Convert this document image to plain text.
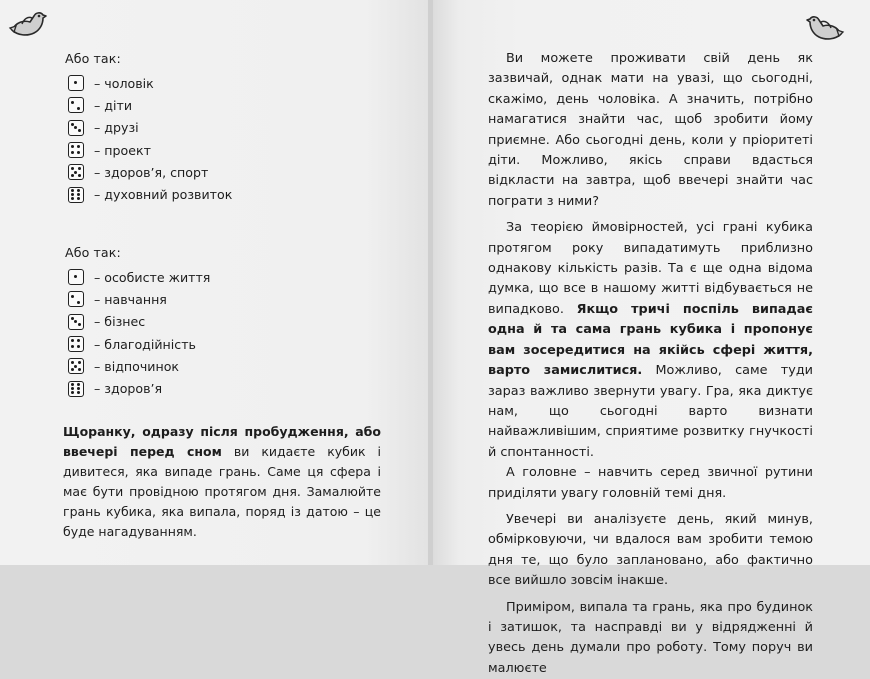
Або так:
– чоловік
– діти
– друзі
– проект
– здоров’я, спорт
– духовний розвиток
Або так:
– особисте життя
– навчання
– бізнес
– благодійність
– відпочинок
– здоров’я

Щоранку, одразу після пробудження, або ввечері перед сном ви кидаєте кубик і дивитеся, яка випаде грань. Саме ця сфера і має бути провідною протягом дня. Замалюйте грань кубика, яка випала, поряд із датою – це буде нагадуванням.

Ви можете проживати свій день як зазвичай, однак мати на увазі, що сьогодні, скажімо, день чоловіка. А значить, потрібно намагатися знайти час, щоб зробити йому приємне. Або сьогодні день, коли у пріоритеті діти. Можливо, якісь справи вдасться відкласти на завтра, щоб ввечері знайти час пограти з ними?

За теорією ймовірностей, усі грані кубика протягом року випадатимуть приблизно однакову кількість разів. Та є ще одна відома думка, що все в нашому житті відбувається не випадково. Якщо тричі поспіль випадає одна й та сама грань кубика і пропонує вам зосередитися на якійсь сфері життя, варто замислитися. Можливо, саме туди зараз важливо звернути увагу. Гра, яка диктує нам, що сьогодні варто визнати найважливішим, сприятиме розвитку гнучкості й спонтанності.

А головне – навчить серед звичної рутини приділяти увагу головній темі дня.

Увечері ви аналізуєте день, який минув, обмірковуючи, чи вдалося вам зробити темою дня те, що було заплановано, або фактично все вийшло зовсім інакше.

Приміром, випала та грань, яка про будинок і затишок, та насправді ви у відрядженні й увесь день думали про роботу. Тому поруч ви малюєте
